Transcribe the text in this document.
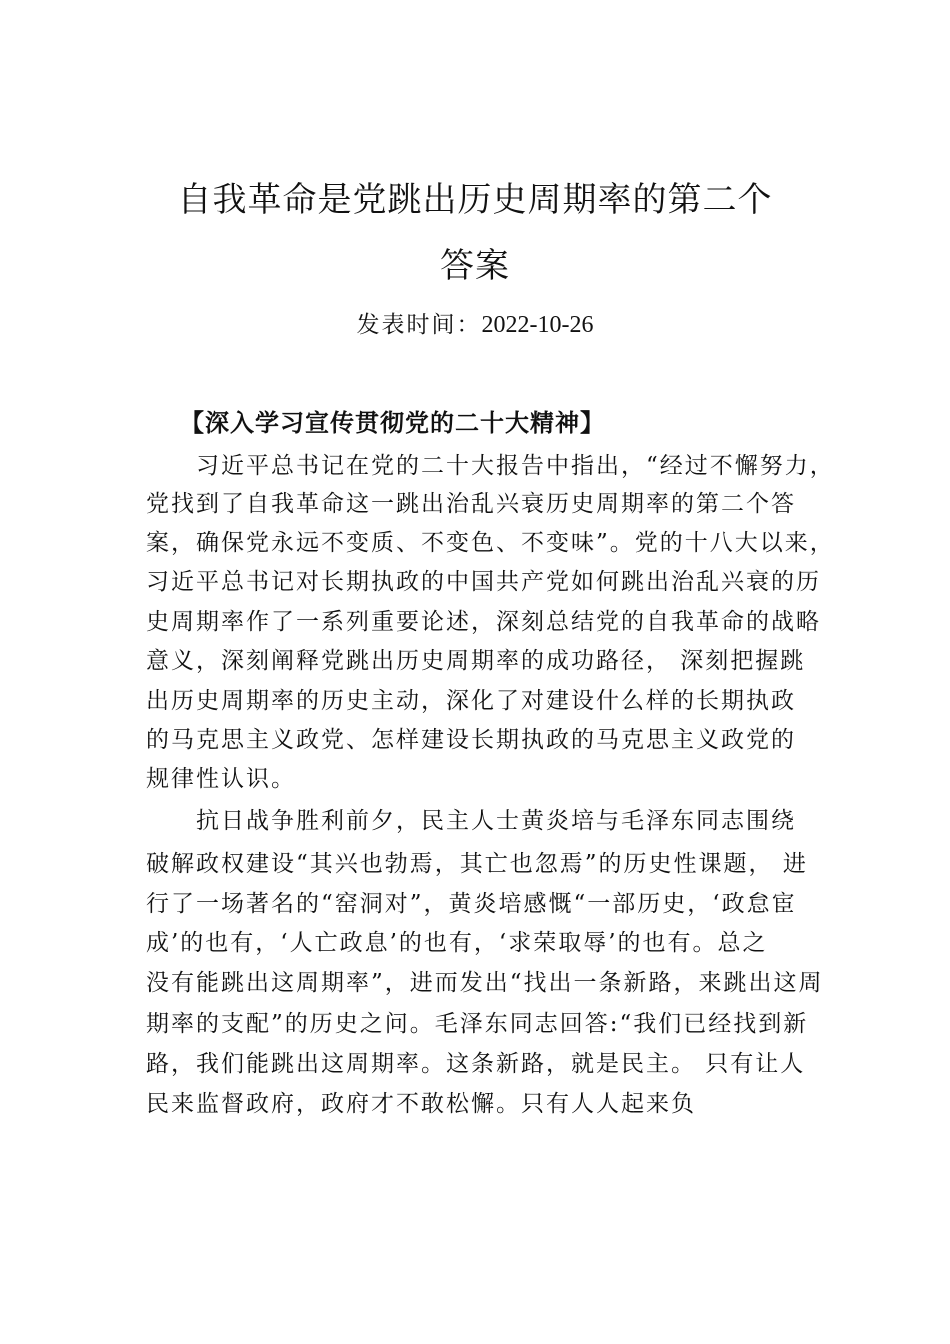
自我革命是党跳出历史周期率的第二个
答案
发表时间：2022-10-26
【深入学习宣传贯彻党的二十大精神】
习近平总书记在党的二十大报告中指出，“经过不懈努力，
党找到了自我革命这一跳出治乱兴衰历史周期率的第二个答
案，确保党永远不变质、不变色、不变味”。党的十八大以来，
习近平总书记对长期执政的中国共产党如何跳出治乱兴衰的历
史周期率作了一系列重要论述，深刻总结党的自我革命的战略
意义，深刻阐释党跳出历史周期率的成功路径， 深刻把握跳
出历史周期率的历史主动，深化了对建设什么样的长期执政
的马克思主义政党、怎样建设长期执政的马克思主义政党的
规律性认识。
抗日战争胜利前夕，民主人士黄炎培与毛泽东同志围绕
破解政权建设“其兴也勃焉，其亡也忽焉”的历史性课题， 进
行了一场著名的“窑洞对”，黄炎培感慨“一部历史，‘政怠宦
成’的也有，‘人亡政息’的也有，‘求荣取辱’的也有。总之
没有能跳出这周期率”，进而发出“找出一条新路，来跳出这周
期率的支配”的历史之问。毛泽东同志回答:“我们已经找到新
路，我们能跳出这周期率。这条新路，就是民主。 只有让人
民来监督政府，政府才不敢松懈。只有人人起来负
